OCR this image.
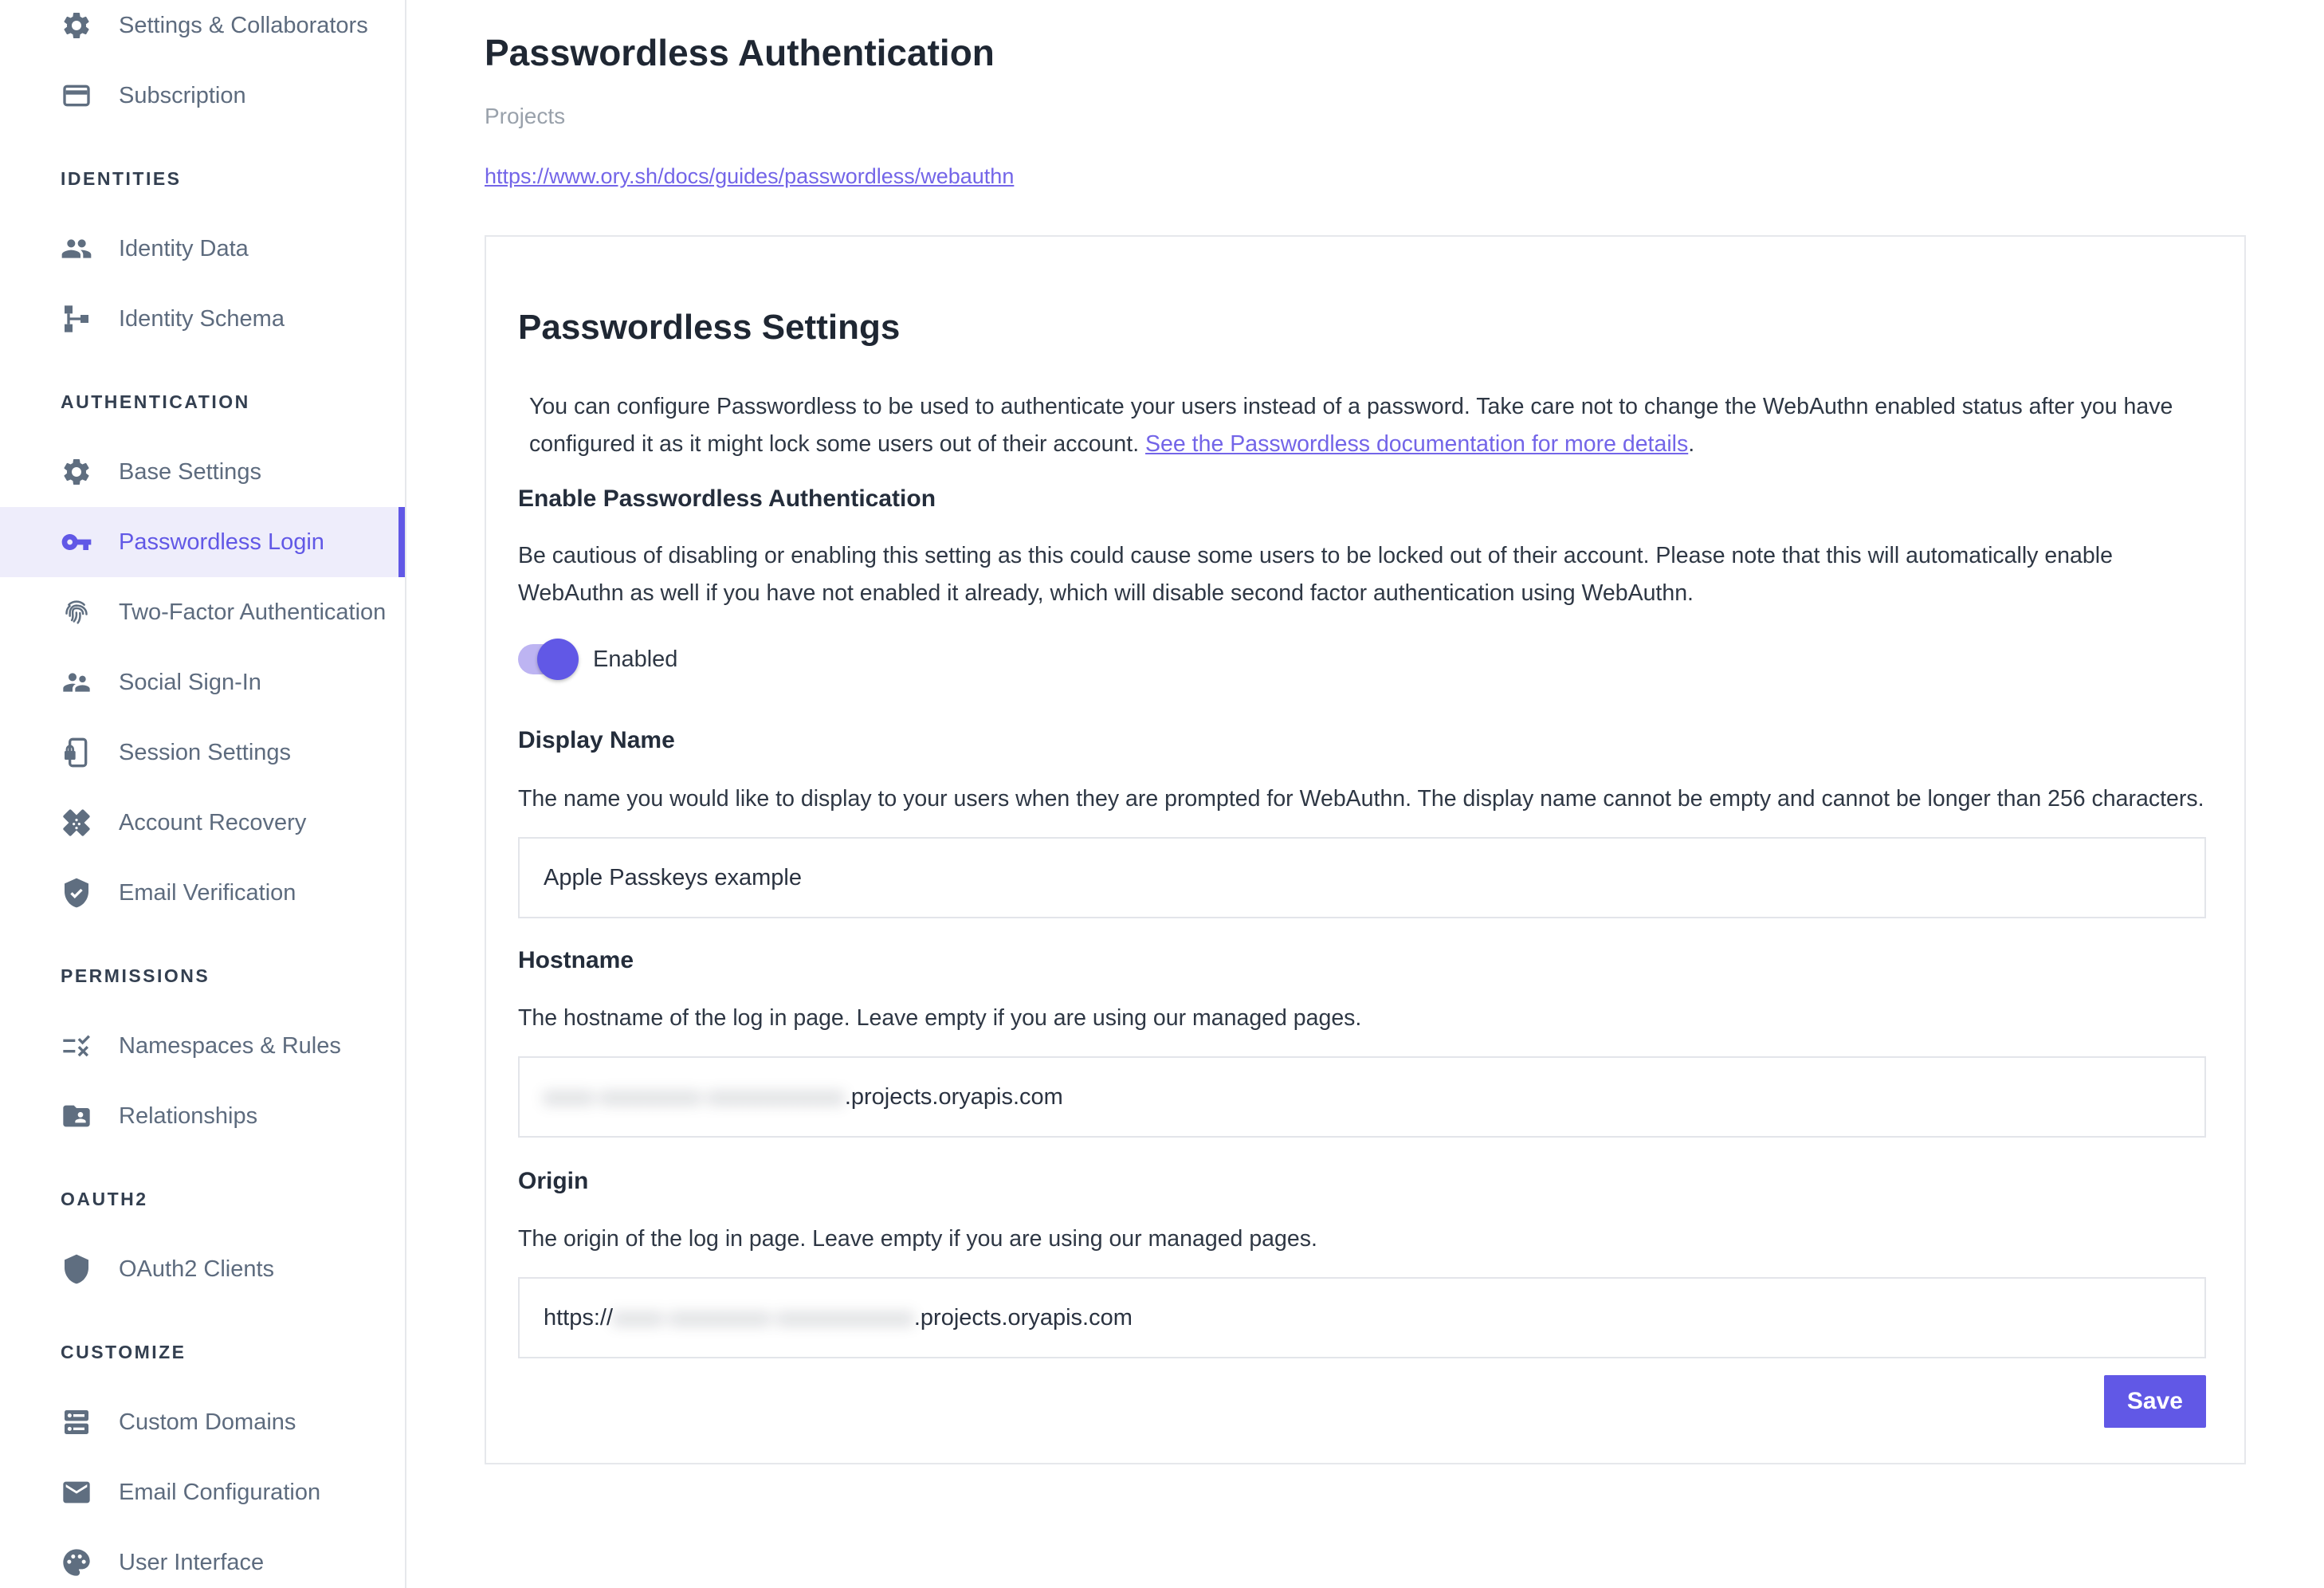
Settings & Collaborators
Subscription
IDENTITIES
Identity Data
Identity Schema
AUTHENTICATION
Base Settings
Passwordless Login
Two-Factor Authentication
Social Sign-In
Session Settings
Account Recovery
Email Verification
PERMISSIONS
Namespaces & Rules
Relationships
OAUTH2
OAuth2 Clients
CUSTOMIZE
Custom Domains
Email Configuration
User Interface
Passwordless Authentication
Projects
https://www.ory.sh/docs/guides/passwordless/webauthn
Passwordless Settings

You can configure Passwordless to be used to authenticate your users instead of a password. Take care not to change the WebAuthn enabled status after you have configured it as it might lock some users out of their account. See the Passwordless documentation for more details.

Enable Passwordless Authentication

Be cautious of disabling or enabling this setting as this could cause some users to be locked out of their account. Please note that this will automatically enable WebAuthn as well if you have not enabled it already, which will disable second factor authentication using WebAuthn.

Enabled
Display Name

The name you would like to display to your users when they are prompted for WebAuthn. The display name cannot be empty and cannot be longer than 256 characters.

Apple Passkeys example
Hostname

The hostname of the log in page. Leave empty if you are using our managed pages.

xxxx-xxxxxxxx-xxxxxxxxxxx .projects.oryapis.com
Origin

The origin of the log in page. Leave empty if you are using our managed pages.

https:// xxxx-xxxxxxxx-xxxxxxxxxxx .projects.oryapis.com
Save
